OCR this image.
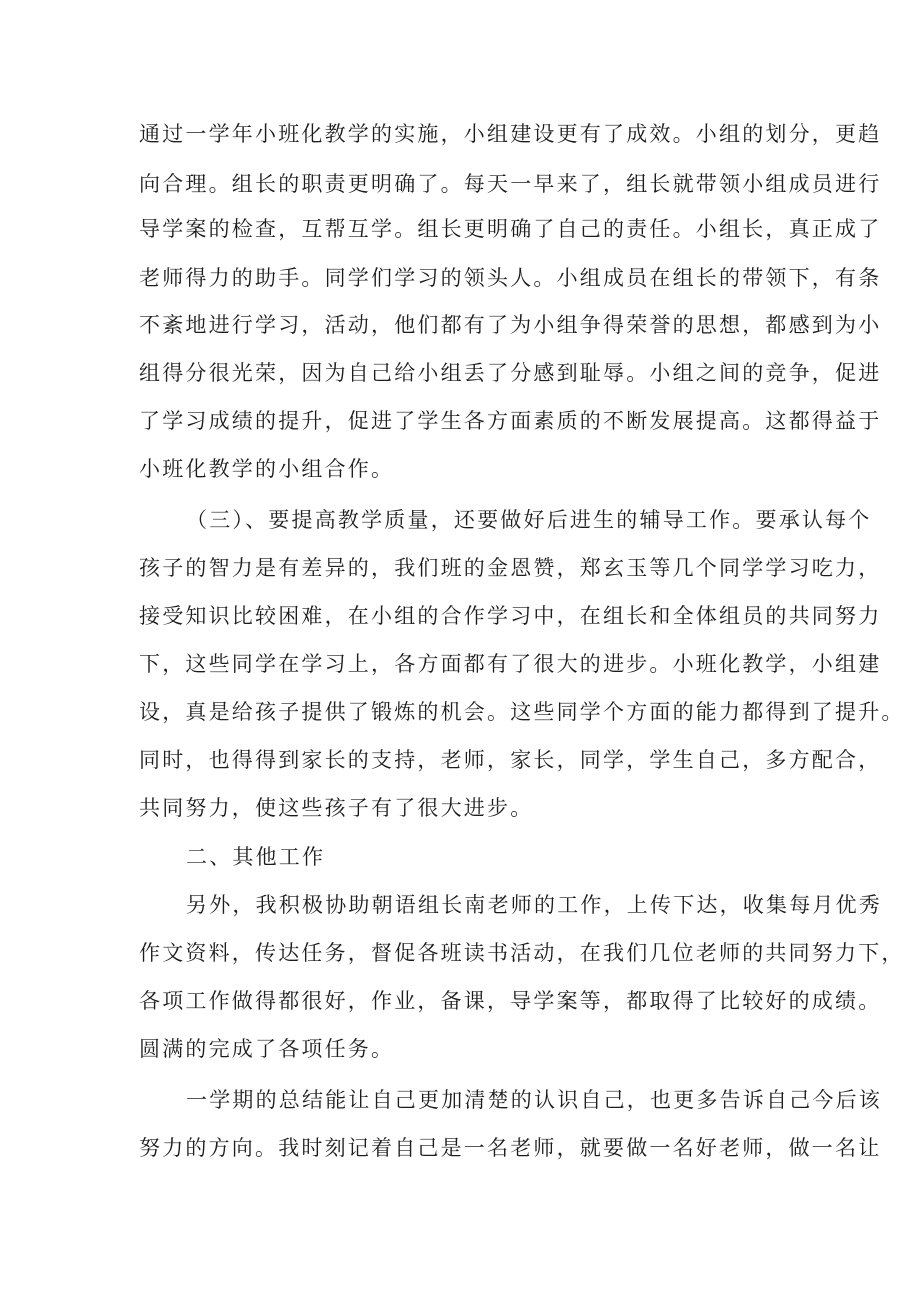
通过一学年小班化教学的实施，小组建设更有了成效。小组的划分，更趋
向合理。组长的职责更明确了。每天一早来了，组长就带领小组成员进行
导学案的检查，互帮互学。组长更明确了自己的责任。小组长，真正成了
老师得力的助手。同学们学习的领头人。小组成员在组长的带领下，有条
不紊地进行学习，活动，他们都有了为小组争得荣誉的思想，都感到为小
组得分很光荣，因为自己给小组丢了分感到耻辱。小组之间的竞争，促进
了学习成绩的提升，促进了学生各方面素质的不断发展提高。这都得益于
小班化教学的小组合作。
（三）、要提高教学质量，还要做好后进生的辅导工作。要承认每个
孩子的智力是有差异的，我们班的金恩赞，郑玄玉等几个同学学习吃力，
接受知识比较困难，在小组的合作学习中，在组长和全体组员的共同努力
下，这些同学在学习上，各方面都有了很大的进步。小班化教学，小组建
设，真是给孩子提供了锻炼的机会。这些同学个方面的能力都得到了提升。
同时，也得得到家长的支持，老师，家长，同学，学生自己，多方配合，
共同努力，使这些孩子有了很大进步。
二、其他工作
另外，我积极协助朝语组长南老师的工作，上传下达，收集每月优秀
作文资料，传达任务，督促各班读书活动，在我们几位老师的共同努力下，
各项工作做得都很好，作业，备课，导学案等，都取得了比较好的成绩。
圆满的完成了各项任务。
一学期的总结能让自己更加清楚的认识自己，也更多告诉自己今后该
努力的方向。我时刻记着自己是一名老师，就要做一名好老师，做一名让
